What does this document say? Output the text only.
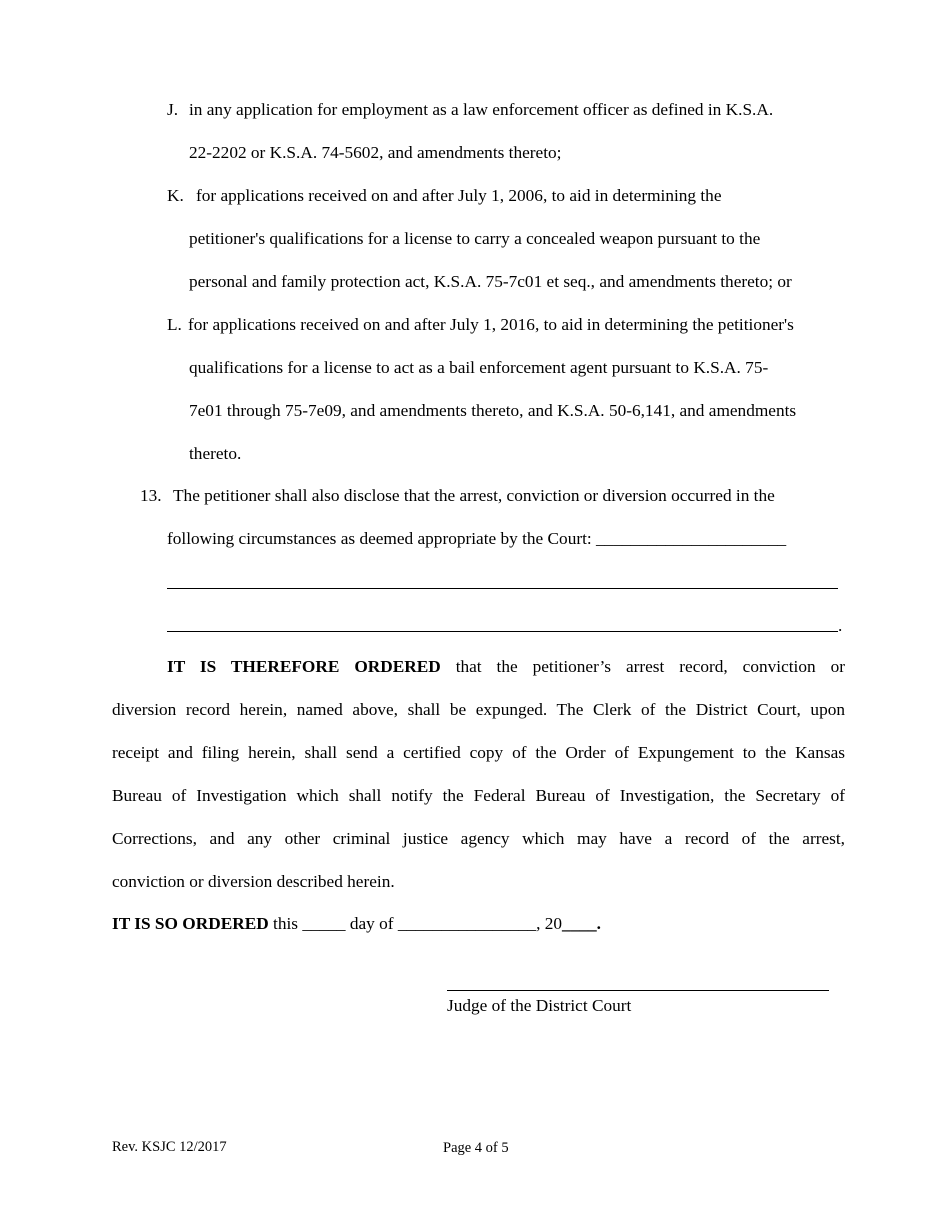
J. in any application for employment as a law enforcement officer as defined in K.S.A.
22-2202 or K.S.A. 74-5602, and amendments thereto;
K. for applications received on and after July 1, 2006, to aid in determining the
petitioner's qualifications for a license to carry a concealed weapon pursuant to the
personal and family protection act, K.S.A. 75-7c01 et seq., and amendments thereto; or
L. for applications received on and after July 1, 2016, to aid in determining the petitioner's
qualifications for a license to act as a bail enforcement agent pursuant to K.S.A. 75-
7e01 through 75-7e09, and amendments thereto, and K.S.A. 50-6,141, and amendments
thereto.
13. The petitioner shall also disclose that the arrest, conviction or diversion occurred in the
following circumstances as deemed appropriate by the Court: ______________________
.
IT IS THEREFORE ORDERED that the petitioner’s arrest record, conviction or
diversion record herein, named above, shall be expunged. The Clerk of the District Court, upon
receipt and filing herein, shall send a certified copy of the Order of Expungement to the Kansas
Bureau of Investigation which shall notify the Federal Bureau of Investigation, the Secretary of
Corrections, and any other criminal justice agency which may have a record of the arrest,
conviction or diversion described herein.
IT IS SO ORDERED this _____ day of ________________, 20____.
Judge of the District Court
Rev. KSJC 12/2017	Page 4 of 5
